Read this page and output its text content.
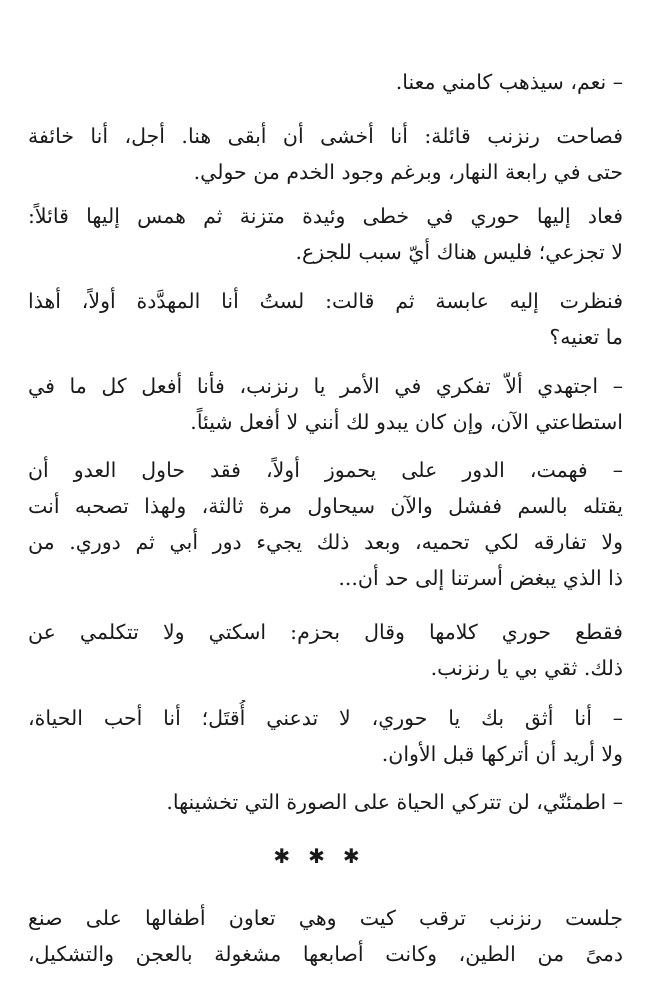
– نعم، سيذهب كامني معنا.
فصاحت رنزنب قائلة: أنا أخشى أن أبقى هنا. أجل، أنا خائفة
حتى في رابعة النهار، وبرغم وجود الخدم من حولي.
فعاد إليها حوري في خطى وئيدة متزنة ثم همس إليها قائلاً:
لا تجزعي؛ فليس هناك أيّ سبب للجزع.
فنظرت إليه عابسة ثم قالت: لستُ أنا المهدَّدة أولاً، أهذا
ما تعنيه؟
– اجتهدي ألاّ تفكري في الأمر يا رنزنب، فأنا أفعل كل ما في
استطاعتي الآن، وإن كان يبدو لك أنني لا أفعل شيئاً.
– فهمت، الدور على يحموز أولاً، فقد حاول العدو أن
يقتله بالسم ففشل والآن سيحاول مرة ثالثة، ولهذا تصحبه أنت
ولا تفارقه لكي تحميه، وبعد ذلك يجيء دور أبي ثم دوري. من
ذا الذي يبغض أسرتنا إلى حد أن...
فقطع حوري كلامها وقال بحزم: اسكتي ولا تتكلمي عن
ذلك. ثقي بي يا رنزنب.
– أنا أثق بك يا حوري، لا تدعني أُقتَل؛ أنا أحب الحياة،
ولا أريد أن أتركها قبل الأوان.
– اطمئنّي، لن تتركي الحياة على الصورة التي تخشينها.
✱✱✱
جلست رنزنب ترقب كيت وهي تعاون أطفالها على صنع
دمىً من الطين، وكانت أصابعها مشغولة بالعجن والتشكيل،
